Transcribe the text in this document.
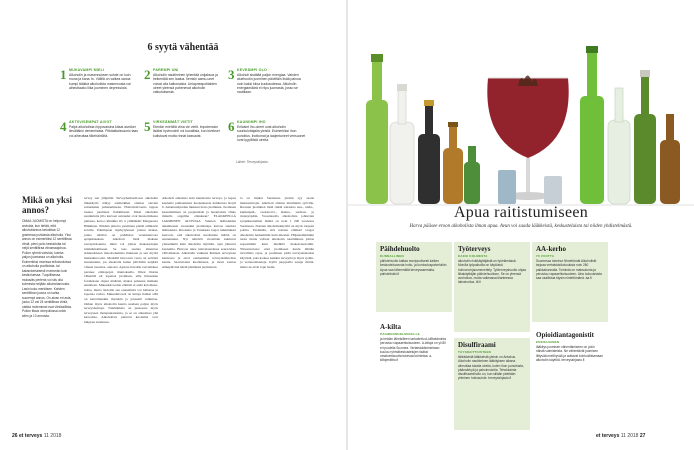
6 syytä vähentää
1 MUKAVAMPI MIELI
Alkoholin ja masennuksen suhde on kuin muna ja kana: ts. Välillä on vaikea sanoa kumpi tääkkä alkoholista masennusta vai aiheuttaako liika juominen depressiota.
2 PAREMPI UNI
Alkoholin nauttiminen lyhentää unijaksoa ja heikentää sen laatua. Ilemkin aamu-unet voivat olla katkonaisia. Uniapneapotilaiden oireet yleensä pahenevat alkoholin vaikutuksesta.
3 KEVEÄMPI OLO
Alkoholi sisältää paljon energiaa. Vahden aluehuotin juominen päivittäin lisää painoa noin kaksi kiloa kuukaudessa. Alkoholin energiamäärä ei riipu juomasta, josso se nauttiaan.
4 AKTIIVISEMPAT AIVOT
Paljot alkoholista riippuvaisina käsat aivoiker lievältäkin dementiasta. Pitkäaikaisvaurio taas voi aiheuttaa tilkehäiriöitä.
5 VIRKEÄMMÄT VIETIT
Etenkin miehillä viina vie vietit. Impotenssin lisäksi hyvinvointi voi kuoallisia, kun kivekset kutistuvat mutta rinnat kasvavat.
6 KAUNIIMPI IHO
Erilaiset iho-oireet ovat alkoholin suurkuluttajalla yleisiä. Esimerkiksi ihon punoitus, ihottumat ja laajentuneet verisuonet ovat tyypillisiä oireita.
Lähde: Terveyskirjasto.
Mikä on yksi annos?
OMAA JUOMISTA on helpompi arvioida, kun tietää, että alkoholiannos tarkoittaa 12 grammaa puhdasta alkoholia. Yksi annos on esimerkiksi 12 senttilitraa viiniä, pieni pullo keskiolutta tai neljä senttilitraa viinamaajohua. Pullon ryhmä vahvida, kuinka paljon juomassa on alkoholia. Esimerkiksi monissa erikoisoluissa on alkoholia puolitoista- tai kaksinkertaisesti enemmän kuin keskioluessa. Tuopillisessa mukaväs perferia voi siis olla kolmesta neljään alkoholiannosta. Lasin koko merkitsee. Kahden senttilitran juoma on kahta suurempi annos. On aivan eri asia, juoko 12 vai 24 senttilitraa viiniä, vaikka molemmat ovat viinilasillisia. Pullon tilava vinepullossa onkin siten ja 13 annosta.
tervey sen ylläpitää. Terveydenhuollossa alkoholin liikakäyttö näkyy esimerkiksi olemaa olevien sairauksien pahenemisena. Hoitomotivaatio tappaa lasissa juomisen lisäämiseen. Ilikai alkoholin suurkulutta jilla kasvaat sairaudet ovat huonommassa jamassa, kertoo klinikka Ov n yliläääkäri Margareeta Häkkinen. Pitkään jatkava juominen pistää elimistön koville. Pahimpaan myrkytykseen joutuu maksa, jonka tehtävä on puhdistaa verenkierrosta epäpuhtauksia. Alkoholi lisää maksan rasvapitoisuutta, mikä voi johtaa maksasolujen tulehduttamiseen. Se taas saattaa aiheuttaa sidekudoksen muodostumista maksaan ja sen myötä maksakirroosin. Merkillä kirroosin vaara on selvästi suurentunut, jos alkoholia kuluu päivittäin neljästä viiteen naoteisa- annosta. Ajoissa havaittu rasvamaksa paranee elintapojen muutoksella. Ilikai liiurna vähentää eli lopettaa juomisen, sille ilmaantuu fotoiksiaan ohjeet määräsi, maksa palautuu melkein ennalleen. Maksakirroosiin elinisiä ei enää kolomaaa- noina, mutta tiedoilla sen etenemistä voi hidastaa ja lopettaa ravina. Maksakirroosi on luttaja lisäksi sillä on kertoimenkin myöskin ja jonaasitt vaikuttaa. Onhan myös alkoholin kautta saadaan paljon myös terveyshaittoja. Tulehduksia on pusteessa myös terveyssen matapuutantaista, ja se on alkaalissa yhä kasvattua. Alkoholista johtuvat kuolemat ovat huippua suomessa.
Alkoholi aiheuttaa noin kuusitoista terveys- ja nopea kuolema puhtaamasta kuoleuksesta kaidurstaa lkoyli 0. Asiantuntijoiden mukaan hoito juominen. Juomisen kasautuminen on perjantaisin ja lauantaisin. Onko minulla ongelma ollenkaan? ELÄKKEELLÄ JAKMIINEN ALTISTAA Suurten ikäluokkien aikamiesten vuotenkin juomistapa kasvaa suurista ikäluokista. Ruotsista ja Tanskasta laajat tutkimukset kertovat, että alkoholista kuolleiden määrä on suurentunut. Nyt tehtävät vuosittain kuuluvat yleisemmin kuin alkoholin myöhän- ajan johtuvia kuolemia. Hoitoon tulee tulevaisuudessa seuraavista välivaiheista. Alkoholin vaikutus ihmisen terveyteen hermosto ja aivot esimerkiksi terveydenhuollon kautta. Saavuttanut kuolleisuus, ja moni saattaa eläkepäivinä tehdä päätöksiä juomisesta.
ta on lisäksi Suomessa yleisin syy saada maksasiirtojia. Alkoholi altistaa mutillekin syöville. Ruotsan juominen lisää riskiä sairastua suu-, nielu-, kurkunpää-, ruokatorvi-, maksa-, suolisto- ja rintasyöpään. Vuositasolla alkoholista johtuvien syöpäkuolemien määrä on noin 1 200 vuodessa Suomessa. Naisten alkoholinkäyttöä on myös tarpeen pohtia. Tiedetään, että naisten elimistö reagoi alkoholiin herkemmin kuin miesten. Hiljaisemminkin tuotu mutta vahvan alkoholin nauttiminen johtaa nopeammin kuin miehillä maksavaurioihin. Yhteenvetona: ettei juomiseen kuulu mitään turvallista rajaa, ja juominen pitää terveyshaitoiksi käytöstä, joka koskee kaikkia terveyttä ja myös sydän- ja verisuonitauteja. Kyllä juoppoilla suruja riittää, mutta ne eivät lopu lasiin.
26 et terveys 11 2018
Apua raitistumiseen
Harva pääsee eroon alkoholista ilman apua. Avun voi saada lääkkeistä, keskusteluista tai niiden yhdistelmästä.
Päihdehuolto
KUNNALLINEN
päihdehuolto kattaa monipuolisesti kaiken keskusteluavusta hoito- ja kuntoutuspalveluihin. Apua saa lähimmältä terveysasemalta. paihdelinkki.fi
Työterveys
KAKSI KOLMESTA
alkoholin riskikäyttäjästä on työelämässä. Monilla työpaikoilla on käytössä hoitoonohjausmenettely. Työterveyshuolto ohjaa liikakäyttäjän päihdehuoltoon. Se on yleensä avohoitoa, mutta vaikeassa tilanteessa laitoshoitoa. ttl.fi
AA-kerho
70 VUOTTA
Suomessa toiminut Nimettömät Alkoholistit tarjoaa vertaistukikokouksia noin 260 paikkakunnalla. Toiminta on maksutonta ja perustuu vapaaehtoisuuteen. Aino kokouksista saa osallistua täysin nimettömänä. aa.fi
A-kilta
PÄIHDEONGELMAISILLE
ja heidän läheisilleen tarkoitettu A-killtatoiminta perustuu vapaaehtoisuuteen. A-kiltoja on yli 80 eri puolella Suomea. Vertaistukitoimintaan kuuluu ryhmäkeskustelujen lisäksi omatoimisuutta tukevaa toimintaa. a-kiltojenliitto.fi
Disulfiraami
TÄYSRAITTIUSTEEN
tähtäävistä lääkkeistä yleisin on Antabus. Alkoholin nauttiminen lääkityksen aikana aiheuttaa tukalia oireita, kuten ihon punoitusta, päänsärkyä ja pahoinvointia. Tehokkainta disulfiraamihoito on, kun sillään pidetään yhteinen hoitosuhde. terveyskirjasto.fi
Opioidiantagonistit
ENSISIJAINEN
lääkitys juomisen vähentämiseen on jokin näistä valmisteista. Ne vähentävät juomisen liittyvää mielihyvää ja auttavat kohtuullistamaan alkoholin käyttöä. terveyskirjasto.fi
et terveys 11 2018 27
